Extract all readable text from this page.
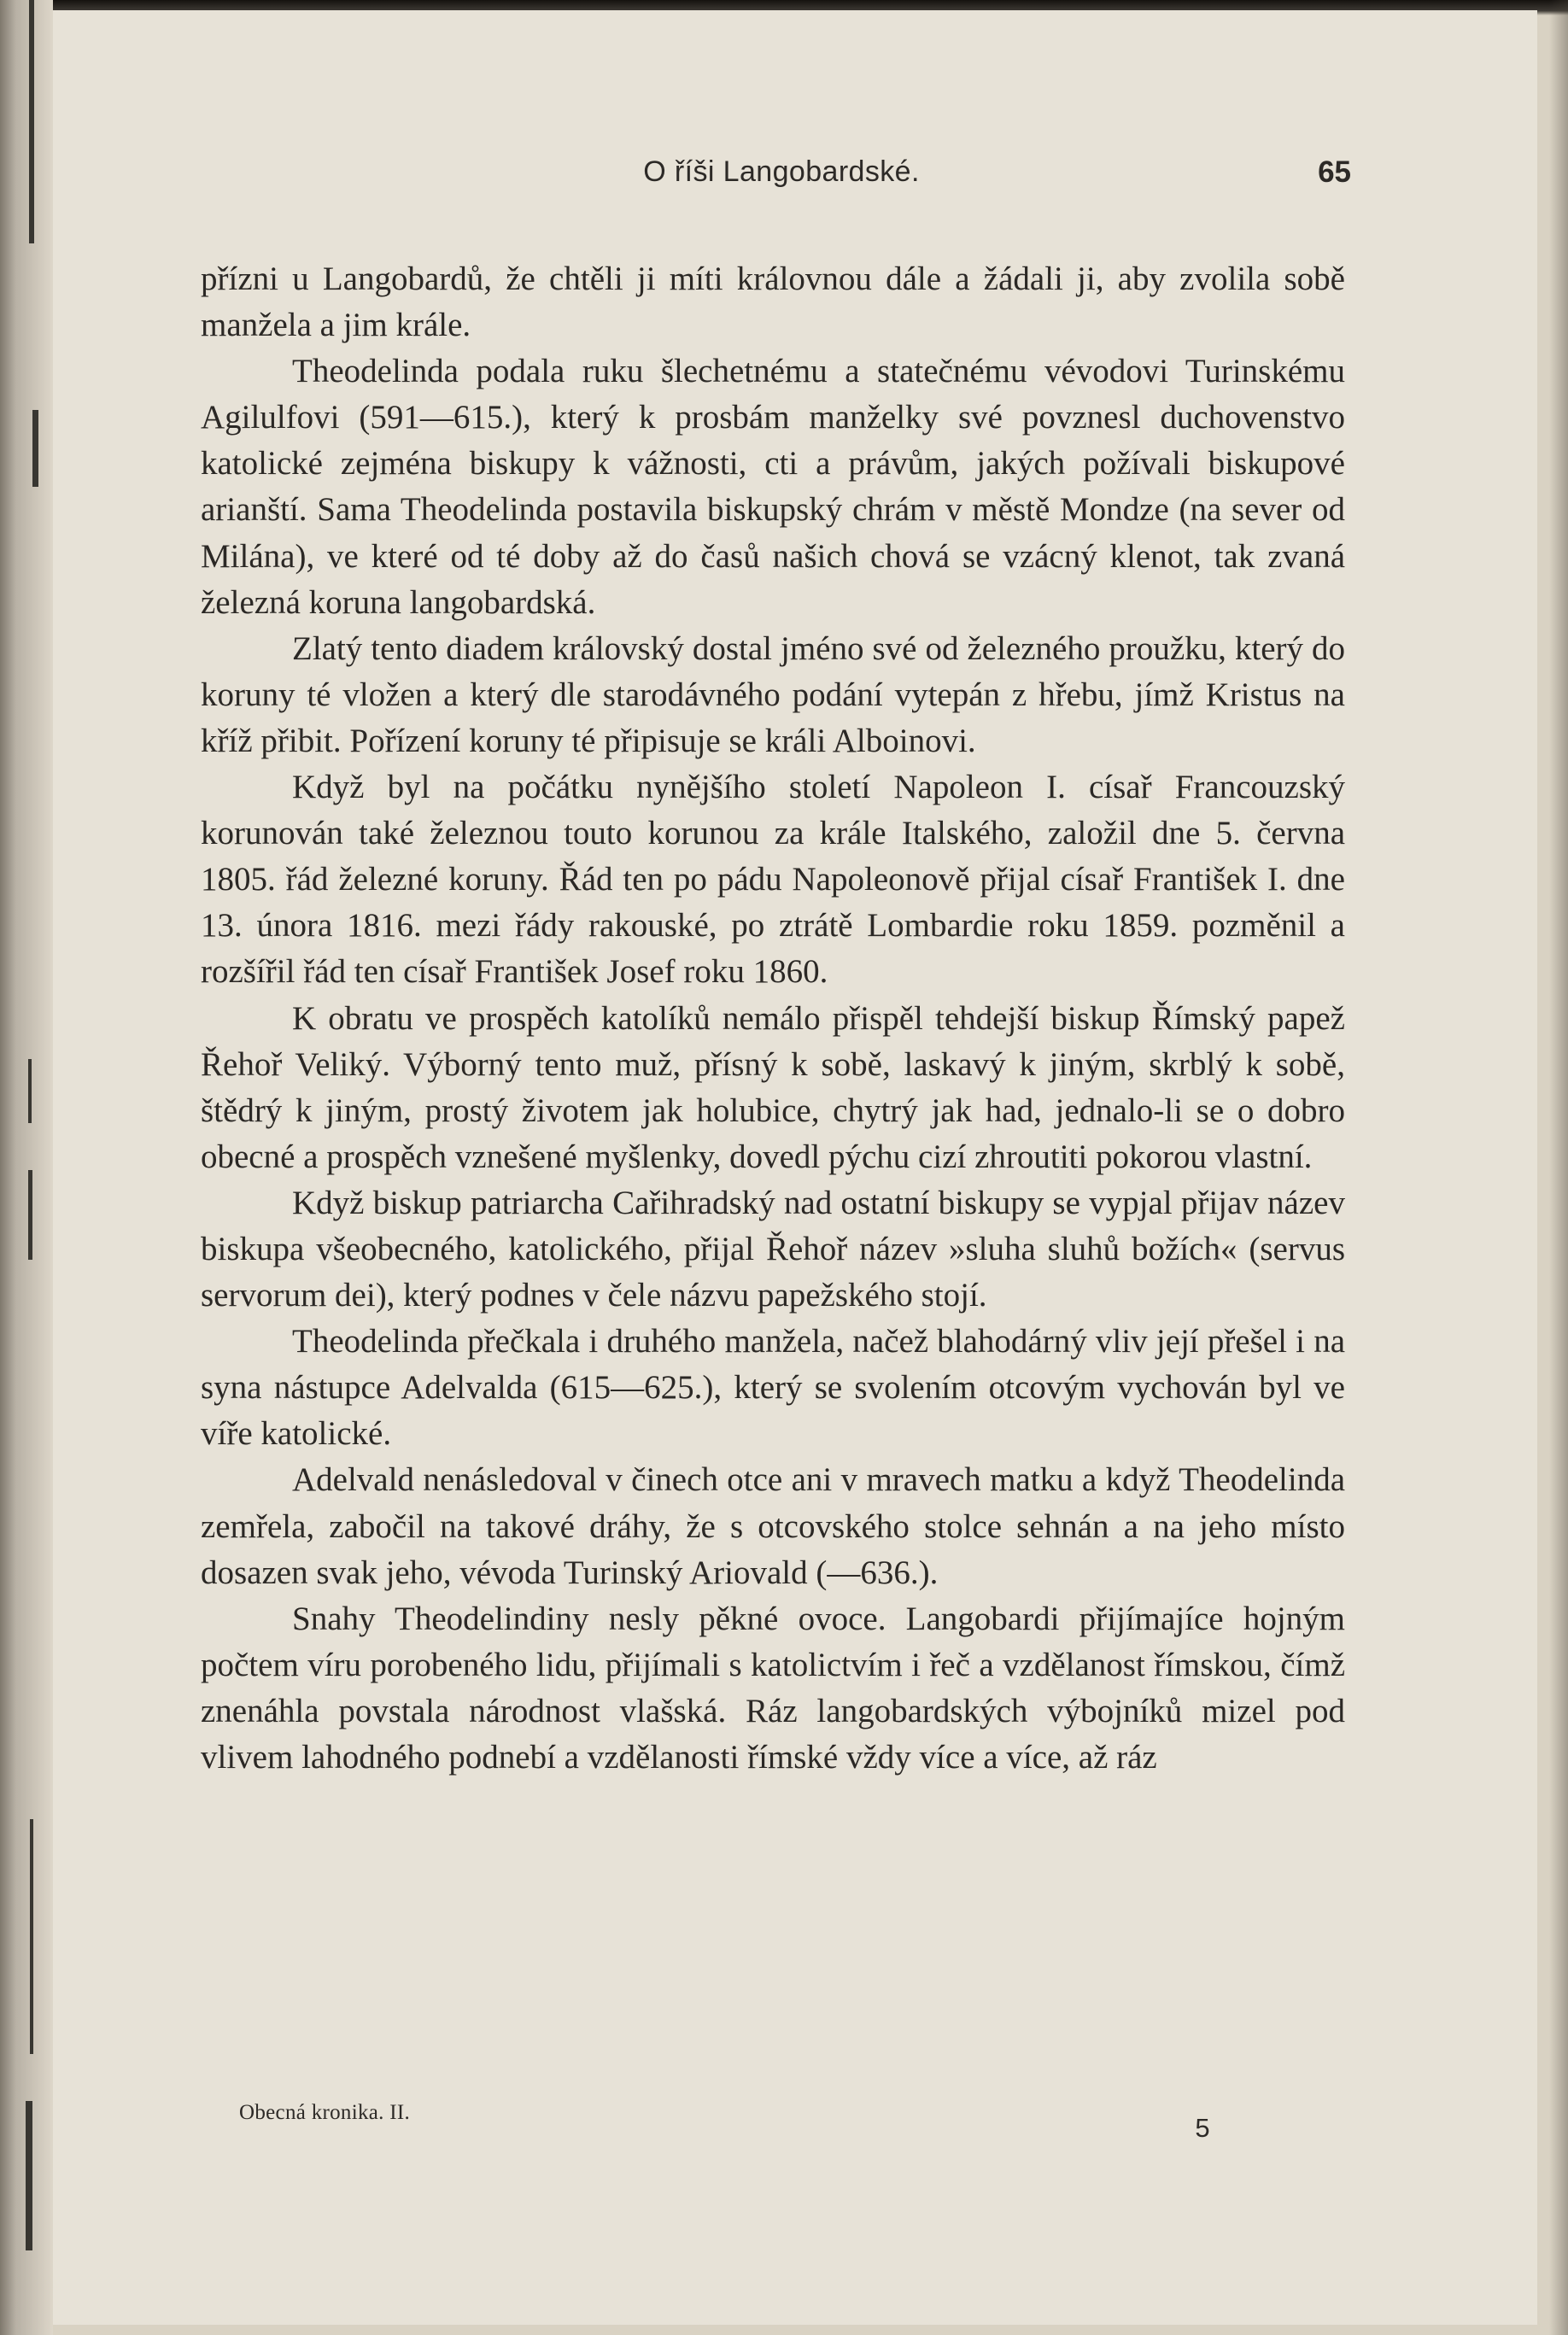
O říši Langobardské.	65

přízni u Langobardů, že chtěli ji míti královnou dále a žádali ji, aby zvolila sobě manžela a jim krále.

Theodelinda podala ruku šlechetnému a statečnému vévodovi Turinskému Agilulfovi (591—615.), který k prosbám manželky své povznesl duchovenstvo katolické zejména biskupy k vážnosti, cti a právům, jakých požívali biskupové arianští. Sama Theodelinda postavila biskupský chrám v městě Mondze (na sever od Milána), ve které od té doby až do časů našich chová se vzácný klenot, tak zvaná železná koruna langobardská.

Zlatý tento diadem královský dostal jméno své od železného proužku, který do koruny té vložen a který dle starodávného podání vytepán z hřebu, jímž Kristus na kříž přibit. Pořízení koruny té připisuje se králi Alboinovi.

Když byl na počátku nynějšího století Napoleon I. císař Francouzský korunován také železnou touto korunou za krále Italského, založil dne 5. června 1805. řád železné koruny. Řád ten po pádu Napoleonově přijal císař František I. dne 13. února 1816. mezi řády rakouské, po ztrátě Lombardie roku 1859. pozměnil a rozšířil řád ten císař František Josef roku 1860.

K obratu ve prospěch katolíků nemálo přispěl tehdejší biskup Římský papež Řehoř Veliký. Výborný tento muž, přísný k sobě, laskavý k jiným, skrblý k sobě, štědrý k jiným, prostý životem jak holubice, chytrý jak had, jednalo-li se o dobro obecné a prospěch vznešené myšlenky, dovedl pýchu cizí zhroutiti pokorou vlastní.

Když biskup patriarcha Cařihradský nad ostatní biskupy se vypjal přijav název biskupa všeobecného, katolického, přijal Řehoř název »sluha sluhů božích« (servus servorum dei), který podnes v čele názvu papežského stojí.

Theodelinda přečkala i druhého manžela, načež blahodárný vliv její přešel i na syna nástupce Adelvalda (615—625.), který se svolením otcovým vychován byl ve víře katolické.

Adelvald nenásledoval v činech otce ani v mravech matku a když Theodelinda zemřela, zabočil na takové dráhy, že s otcovského stolce sehnán a na jeho místo dosazen svak jeho, vévoda Turinský Ariovald (—636.).

Snahy Theodelindiny nesly pěkné ovoce. Langobardi přijímajíce hojným počtem víru porobeného lidu, přijímali s katolictvím i řeč a vzdělanost římskou, čímž znenáhla povstala národnost vlašská. Ráz langobardských výbojníků mizel pod vlivem lahodného podnebí a vzdělanosti římské vždy více a více, až ráz

Obecná kronika. II.
5
